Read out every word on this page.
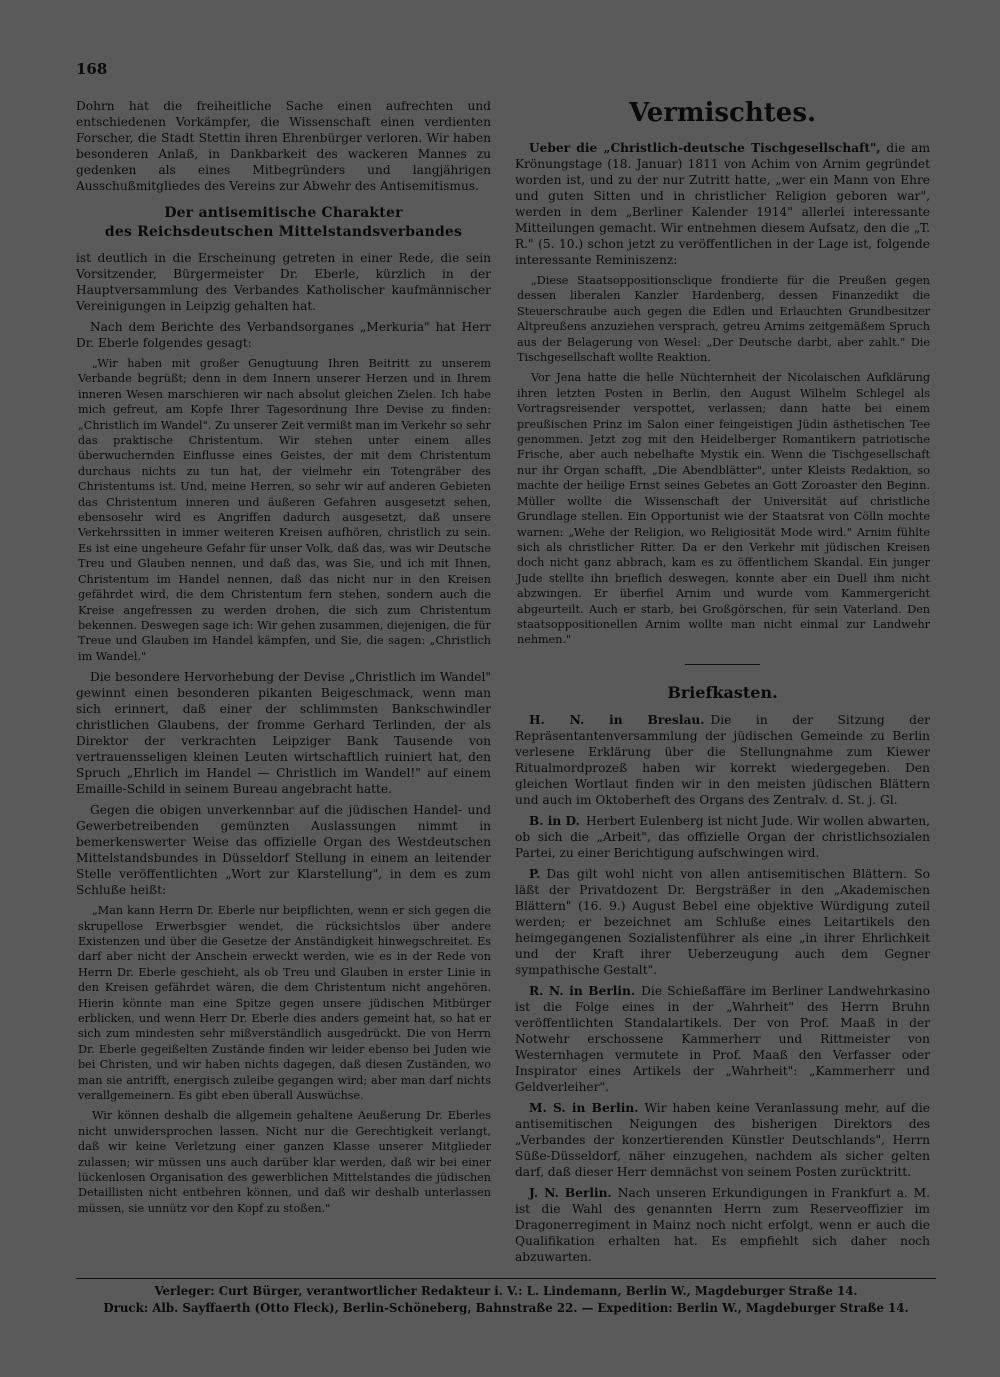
168

Dohrn hat die freiheitliche Sache einen aufrechten und entschiedenen Vorkämpfer, die Wissenschaft einen verdienten Forscher, die Stadt Stettin ihren Ehrenbürger verloren. Wir haben besonderen Anlaß, in Dankbarkeit des wackeren Mannes zu gedenken als eines Mitbegründers und langjährigen Ausschußmitgliedes des Vereins zur Abwehr des Antisemitismus.

Der antisemitische Charakter
des Reichsdeutschen Mittelstandsverbandes

ist deutlich in die Erscheinung getreten in einer Rede, die sein Vorsitzender, Bürgermeister Dr. Eberle, kürzlich in der Hauptversammlung des Verbandes Katholischer kaufmännischer Vereinigungen in Leipzig gehalten hat.

Nach dem Berichte des Verbandsorganes „Merkuria" hat Herr Dr. Eberle folgendes gesagt:

„Wir haben mit großer Genugtuung Ihren Beitritt zu unserem Verbande begrüßt; denn in dem Innern unserer Herzen und in Ihrem inneren Wesen marschieren wir nach absolut gleichen Zielen. Ich habe mich gefreut, am Kopfe Ihrer Tagesordnung Ihre Devise zu finden: „Christlich im Wandel". Zu unserer Zeit vermißt man im Verkehr so sehr das praktische Christentum. Wir stehen unter einem alles überwuchernden Einflusse eines Geistes, der mit dem Christentum durchaus nichts zu tun hat, der vielmehr ein Totengräber des Christentums ist. Und, meine Herren, so sehr wir auf anderen Gebieten das Christentum inneren und äußeren Gefahren ausgesetzt sehen, ebensosehr wird es Angriffen dadurch ausgesetzt, daß unsere Verkehrssitten in immer weiteren Kreisen aufhören, christlich zu sein. Es ist eine ungeheure Gefahr für unser Volk, daß das, was wir Deutsche Treu und Glauben nennen, und daß das, was Sie, und ich mit Ihnen, Christentum im Handel nennen, daß das nicht nur in den Kreisen gefährdet wird, die dem Christentum fern stehen, sondern auch die Kreise angefressen zu werden drohen, die sich zum Christentum bekennen. Deswegen sage ich: Wir gehen zusammen, diejenigen, die für Treue und Glauben im Handel kämpfen, und Sie, die sagen: „Christlich im Wandel."

Die besondere Hervorhebung der Devise „Christlich im Wandel" gewinnt einen besonderen pikanten Beigeschmack, wenn man sich erinnert, daß einer der schlimmsten Bankschwindler christlichen Glaubens, der fromme Gerhard Terlinden, der als Direktor der verkrachten Leipziger Bank Tausende von vertrauensseligen kleinen Leuten wirtschaftlich ruiniert hat, den Spruch „Ehrlich im Handel — Christlich im Wandel!" auf einem Emaille-Schild in seinem Bureau angebracht hatte.

Gegen die obigen unverkennbar auf die jüdischen Handel- und Gewerbetreibenden gemünzten Auslassungen nimmt in bemerkenswerter Weise das offizielle Organ des Westdeutschen Mittelstandsbundes in Düsseldorf Stellung in einem an leitender Stelle veröffentlichten „Wort zur Klarstellung", in dem es zum Schluße heißt:

„Man kann Herrn Dr. Eberle nur beipflichten, wenn er sich gegen die skrupellose Erwerbsgier wendet, die rücksichtslos über andere Existenzen und über die Gesetze der Anständigkeit hinwegschreitet. Es darf aber nicht der Anschein erweckt werden, wie es in der Rede von Herrn Dr. Eberle geschieht, als ob Treu und Glauben in erster Linie in den Kreisen gefährdet wären, die dem Christentum nicht angehören. Hierin könnte man eine Spitze gegen unsere jüdischen Mitbürger erblicken, und wenn Herr Dr. Eberle dies anders gemeint hat, so hat er sich zum mindesten sehr mißverständlich ausgedrückt. Die von Herrn Dr. Eberle gegeißelten Zustände finden wir leider ebenso bei Juden wie bei Christen, und wir haben nichts dagegen, daß diesen Zuständen, wo man sie antrifft, energisch zuleibe gegangen wird; aber man darf nichts verallgemeinern. Es gibt eben überall Auswüchse.

Wir können deshalb die allgemein gehaltene Aeußerung Dr. Eberles nicht unwidersprochen lassen. Nicht nur die Gerechtigkeit verlangt, daß wir keine Verletzung einer ganzen Klasse unserer Mitglieder zulassen; wir müssen uns auch darüber klar werden, daß wir bei einer lückenlosen Organisation des gewerblichen Mittelstandes die jüdischen Detaillisten nicht entbehren können, und daß wir deshalb unterlassen müssen, sie unnütz vor den Kopf zu stoßen."

Vermischtes.

Ueber die „Christlich-deutsche Tischgesellschaft", die am Krönungstage (18. Januar) 1811 von Achim von Arnim gegründet worden ist, und zu der nur Zutritt hatte, „wer ein Mann von Ehre und guten Sitten und in christlicher Religion geboren war", werden in dem „Berliner Kalender 1914" allerlei interessante Mitteilungen gemacht. Wir entnehmen diesem Aufsatz, den die „T. R." (5. 10.) schon jetzt zu veröffentlichen in der Lage ist, folgende interessante Reminiszenz:

„Diese Staatsoppositionsclique frondierte für die Preußen gegen dessen liberalen Kanzler Hardenberg, dessen Finanzedikt die Steuerschraube auch gegen die Edlen und Erlauchten Grundbesitzer Altpreußens anzuziehen versprach, getreu Arnims zeitgemäßem Spruch aus der Belagerung von Wesel: „Der Deutsche darbt, aber zahlt." Die Tischgesellschaft wollte Reaktion.

Vor Jena hatte die helle Nüchternheit der Nicolaischen Aufklärung ihren letzten Posten in Berlin, den August Wilhelm Schlegel als Vortragsreisender verspottet, verlassen; dann hatte bei einem preußischen Prinz im Salon einer feingeistigen Jüdin ästhetischen Tee genommen. Jetzt zog mit den Heidelberger Romantikern patriotische Frische, aber auch nebelhafte Mystik ein. Wenn die Tischgesellschaft nur ihr Organ schafft, „Die Abendblätter", unter Kleists Redaktion, so machte der heilige Ernst seines Gebetes an Gott Zoroaster den Beginn. Müller wollte die Wissenschaft der Universität auf christliche Grundlage stellen. Ein Opportunist wie der Staatsrat von Cölln mochte warnen: „Wehe der Religion, wo Religiosität Mode wird." Arnim fühlte sich als christlicher Ritter. Da er den Verkehr mit jüdischen Kreisen doch nicht ganz abbrach, kam es zu öffentlichem Skandal. Ein junger Jude stellte ihn brieflich deswegen, konnte aber ein Duell ihm nicht abzwingen. Er überfiel Arnim und wurde vom Kammergericht abgeurteilt. Auch er starb, bei Großgörschen, für sein Vaterland. Den staatsoppositionellen Arnim wollte man nicht einmal zur Landwehr nehmen."

Briefkasten.

H. N. in Breslau. Die in der Sitzung der Repräsentantenversammlung der jüdischen Gemeinde zu Berlin verlesene Erklärung über die Stellungnahme zum Kiewer Ritualmordprozeß haben wir korrekt wiedergegeben. Den gleichen Wortlaut finden wir in den meisten jüdischen Blättern und auch im Oktoberheft des Organs des Zentralv. d. St. j. Gl.

B. in D. Herbert Eulenberg ist nicht Jude. Wir wollen abwarten, ob sich die „Arbeit", das offizielle Organ der christlichsozialen Partei, zu einer Berichtigung aufschwingen wird.

P. Das gilt wohl nicht von allen antisemitischen Blättern. So läßt der Privatdozent Dr. Bergsträßer in den „Akademischen Blättern" (16. 9.) August Bebel eine objektive Würdigung zuteil werden; er bezeichnet am Schluße eines Leitartikels den heimgegangenen Sozialistenführer als eine „in ihrer Ehrlichkeit und der Kraft ihrer Ueberzeugung auch dem Gegner sympathische Gestalt".

R. N. in Berlin. Die Schießaffäre im Berliner Landwehrkasino ist die Folge eines in der „Wahrheit" des Herrn Bruhn veröffentlichten Standalartikels. Der von Prof. Maaß in der Notwehr erschossene Kammerherr und Rittmeister von Westernhagen vermutete in Prof. Maaß den Verfasser oder Inspirator eines Artikels der „Wahrheit": „Kammerherr und Geldverleiher".

M. S. in Berlin. Wir haben keine Veranlassung mehr, auf die antisemitischen Neigungen des bisherigen Direktors des „Verbandes der konzertierenden Künstler Deutschlands", Herrn Süße-Düsseldorf, näher einzugehen, nachdem als sicher gelten darf, daß dieser Herr demnächst von seinem Posten zurücktritt.

J. N. Berlin. Nach unseren Erkundigungen in Frankfurt a. M. ist die Wahl des genannten Herrn zum Reserveoffizier im Dragonerregiment in Mainz noch nicht erfolgt, wenn er auch die Qualifikation erhalten hat. Es empfiehlt sich daher noch abzuwarten.

Verleger: Curt Bürger, verantwortlicher Redakteur i. V.: L. Lindemann, Berlin W., Magdeburger Straße 14.
Druck: Alb. Sayffaerth (Otto Fleck), Berlin-Schöneberg, Bahnstraße 22. — Expedition: Berlin W., Magdeburger Straße 14.
